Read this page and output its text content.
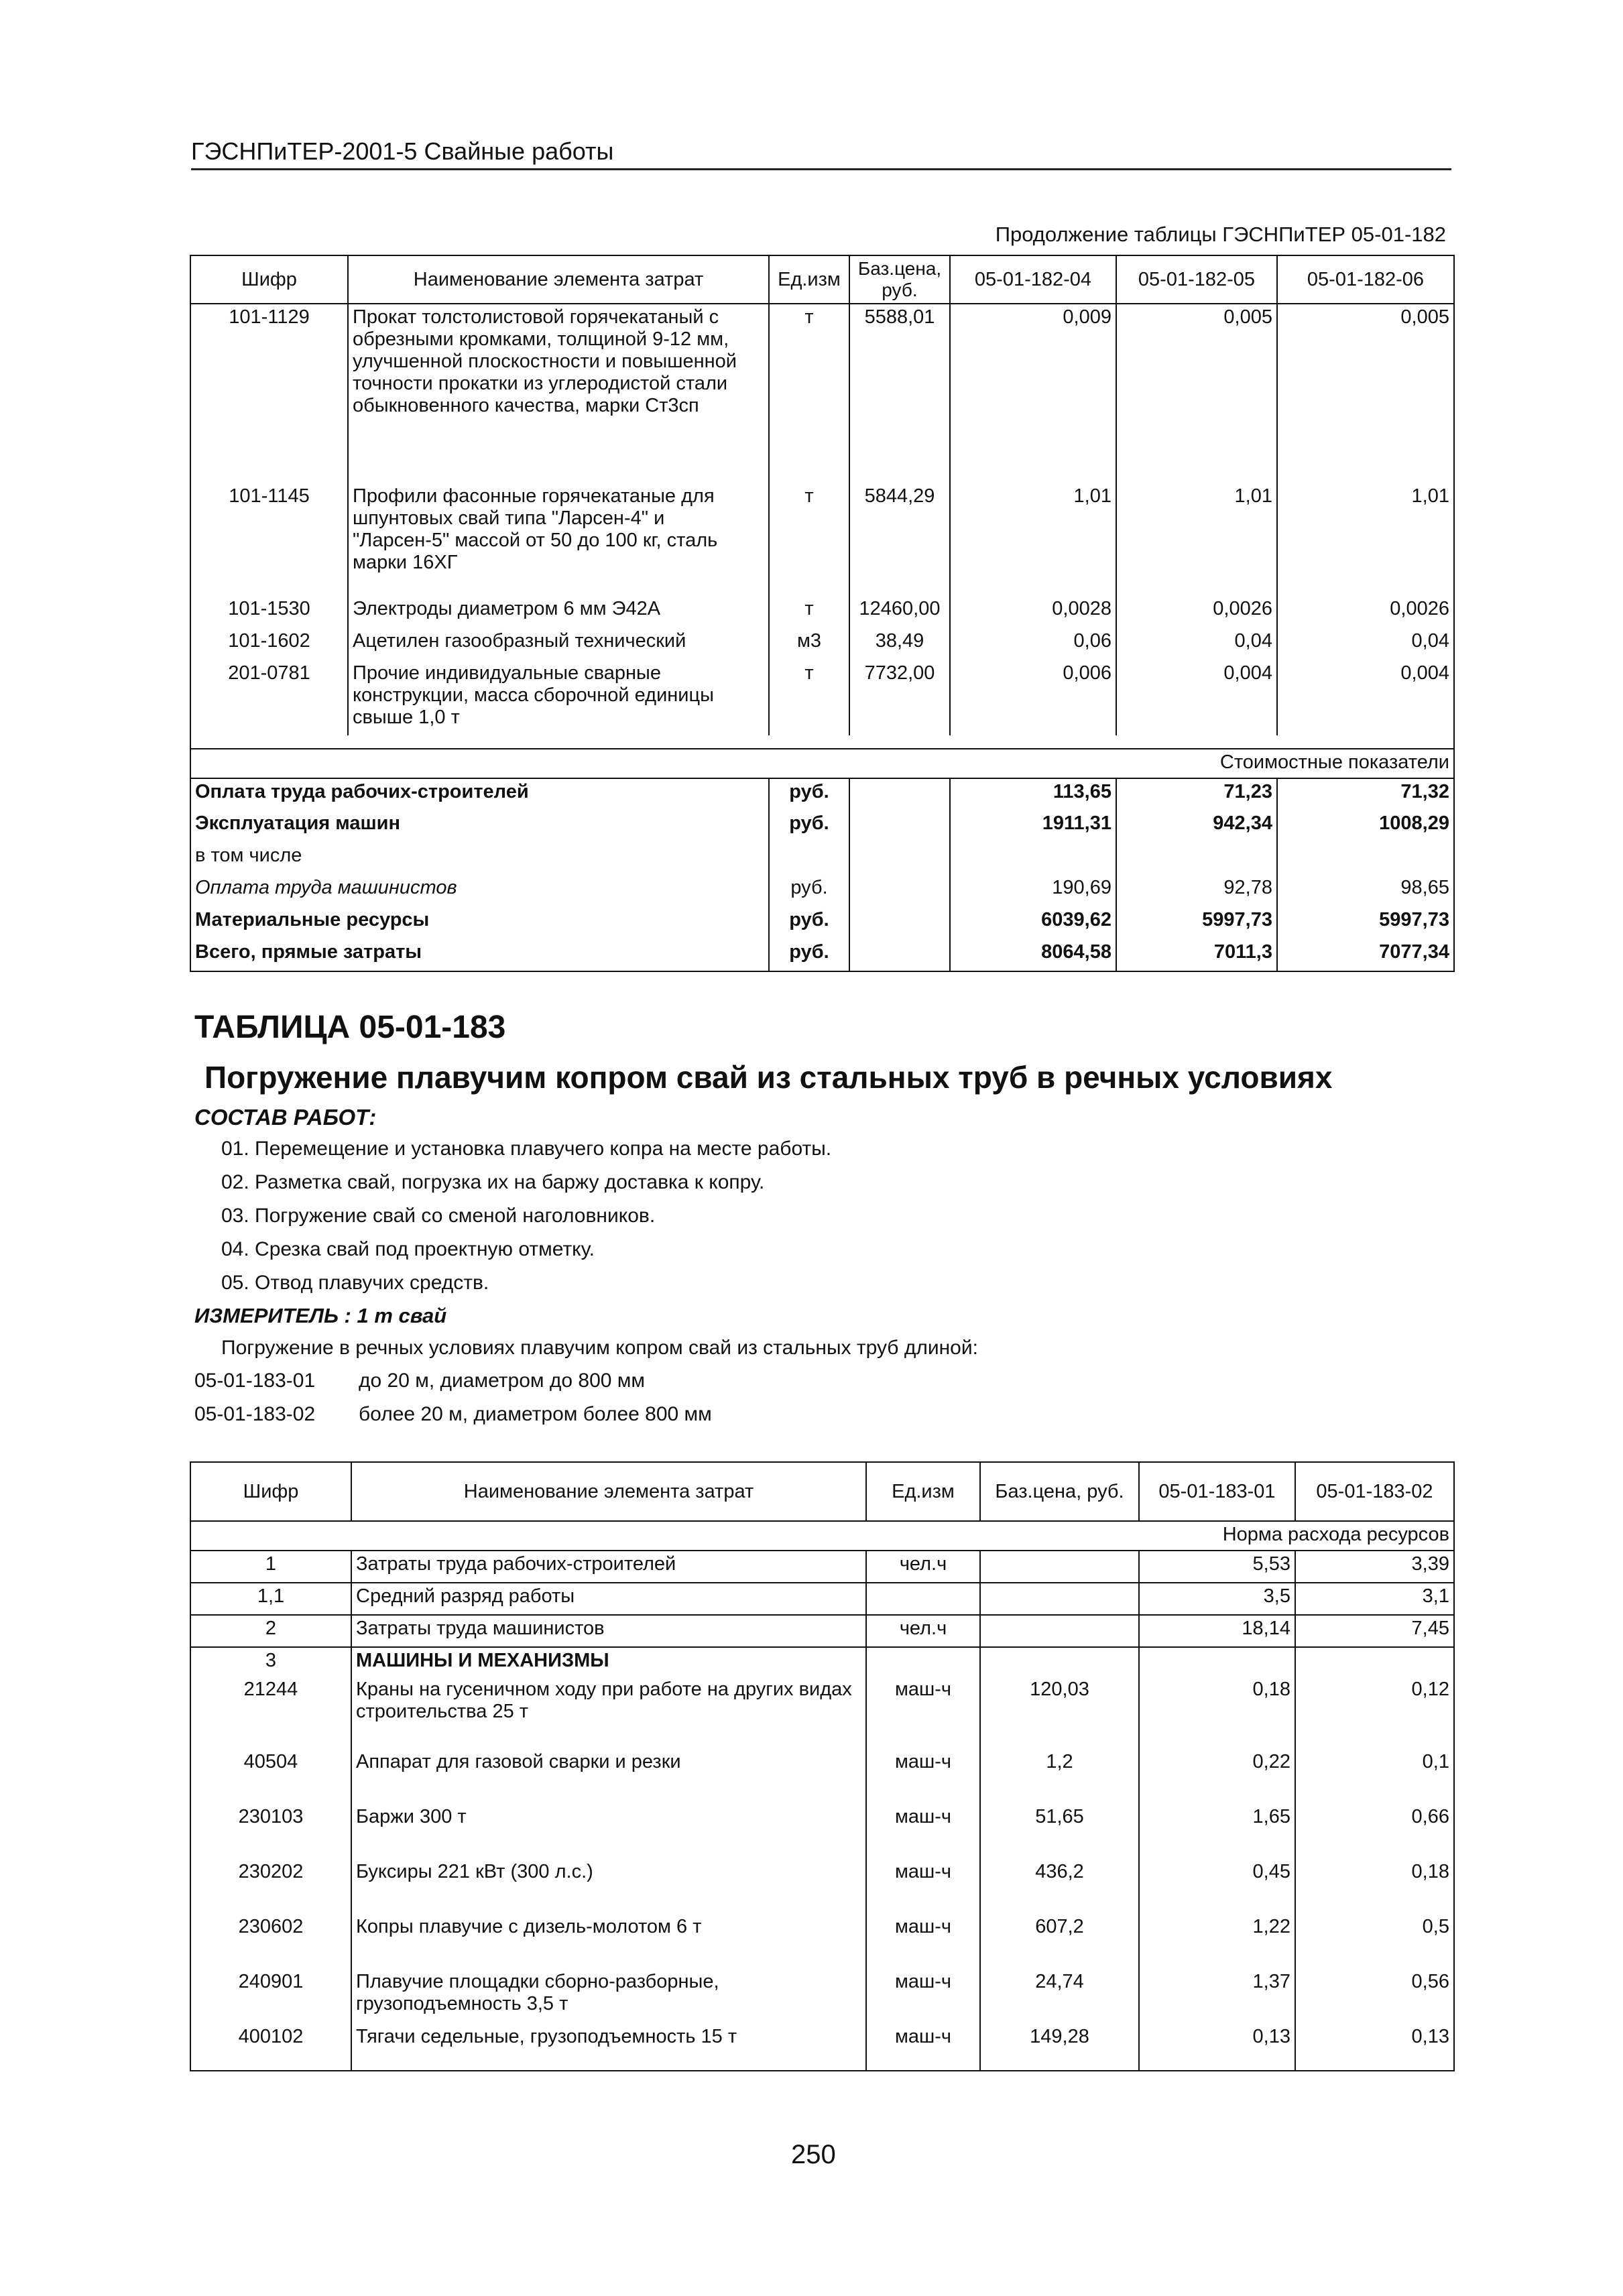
ГЭСНПиТЕР-2001-5 Свайные работы
Продолжение таблицы ГЭСНПиТЕР 05-01-182
Шифр	Наименование элемента затрат	Ед.изм	Баз.цена, руб.	05-01-182-04	05-01-182-05	05-01-182-06
101-1129	Прокат толстолистовой горячекатаный с обрезными кромками, толщиной 9-12 мм, улучшенной плоскостности и повышенной точности прокатки из углеродистой стали обыкновенного качества, марки Ст3сп	т	5588,01	0,009	0,005	0,005
101-1145	Профили фасонные горячекатаные для шпунтовых свай типа "Ларсен-4" и "Ларсен-5" массой от 50 до 100 кг, сталь марки 16ХГ	т	5844,29	1,01	1,01	1,01
101-1530	Электроды диаметром 6 мм Э42А	т	12460,00	0,0028	0,0026	0,0026
101-1602	Ацетилен газообразный технический	м3	38,49	0,06	0,04	0,04
201-0781	Прочие индивидуальные сварные конструкции, масса сборочной единицы свыше 1,0 т	т	7732,00	0,006	0,004	0,004

Стоимостные показатели						
Оплата труда рабочих-строителей		руб.		113,65	71,23	71,32
Эксплуатация машин		руб.		1911,31	942,34	1008,29
в том числе						
Оплата труда машинистов		руб.		190,69	92,78	98,65
Материальные ресурсы		руб.		6039,62	5997,73	5997,73
Всего, прямые затраты		руб.		8064,58	7011,3	7077,34
ТАБЛИЦА 05-01-183
Погружение плавучим копром свай из стальных труб в речных условиях
СОСТАВ РАБОТ:
01. Перемещение и установка плавучего копра на месте работы.
02. Разметка свай, погрузка их на баржу доставка к копру.
03. Погружение свай со сменой наголовников.
04. Срезка свай под проектную отметку.
05. Отвод плавучих средств.
ИЗМЕРИТЕЛЬ : 1 т свай
Погружение в речных условиях плавучим копром свай из стальных труб длиной:
05-01-183-01 до 20 м, диаметром до 800 мм
05-01-183-02 более 20 м, диаметром более 800 мм
Шифр	Наименование элемента затрат	Ед.изм	Баз.цена, руб.	05-01-183-01	05-01-183-02
Норма расхода ресурсов					
1	Затраты труда рабочих-строителей	чел.ч		5,53	3,39
1,1	Средний разряд работы			3,5	3,1
2	Затраты труда машинистов	чел.ч		18,14	7,45
3	МАШИНЫ И МЕХАНИЗМЫ				
21244	Краны на гусеничном ходу при работе на других видах строительства 25 т	маш-ч	120,03	0,18	0,12
40504	Аппарат для газовой сварки и резки	маш-ч	1,2	0,22	0,1
230103	Баржи 300 т	маш-ч	51,65	1,65	0,66
230202	Буксиры 221 кВт (300 л.с.)	маш-ч	436,2	0,45	0,18
230602	Копры плавучие с дизель-молотом 6 т	маш-ч	607,2	1,22	0,5
240901	Плавучие площадки сборно-разборные, грузоподъемность 3,5 т	маш-ч	24,74	1,37	0,56
400102	Тягачи седельные, грузоподъемность 15 т	маш-ч	149,28	0,13	0,13
250
